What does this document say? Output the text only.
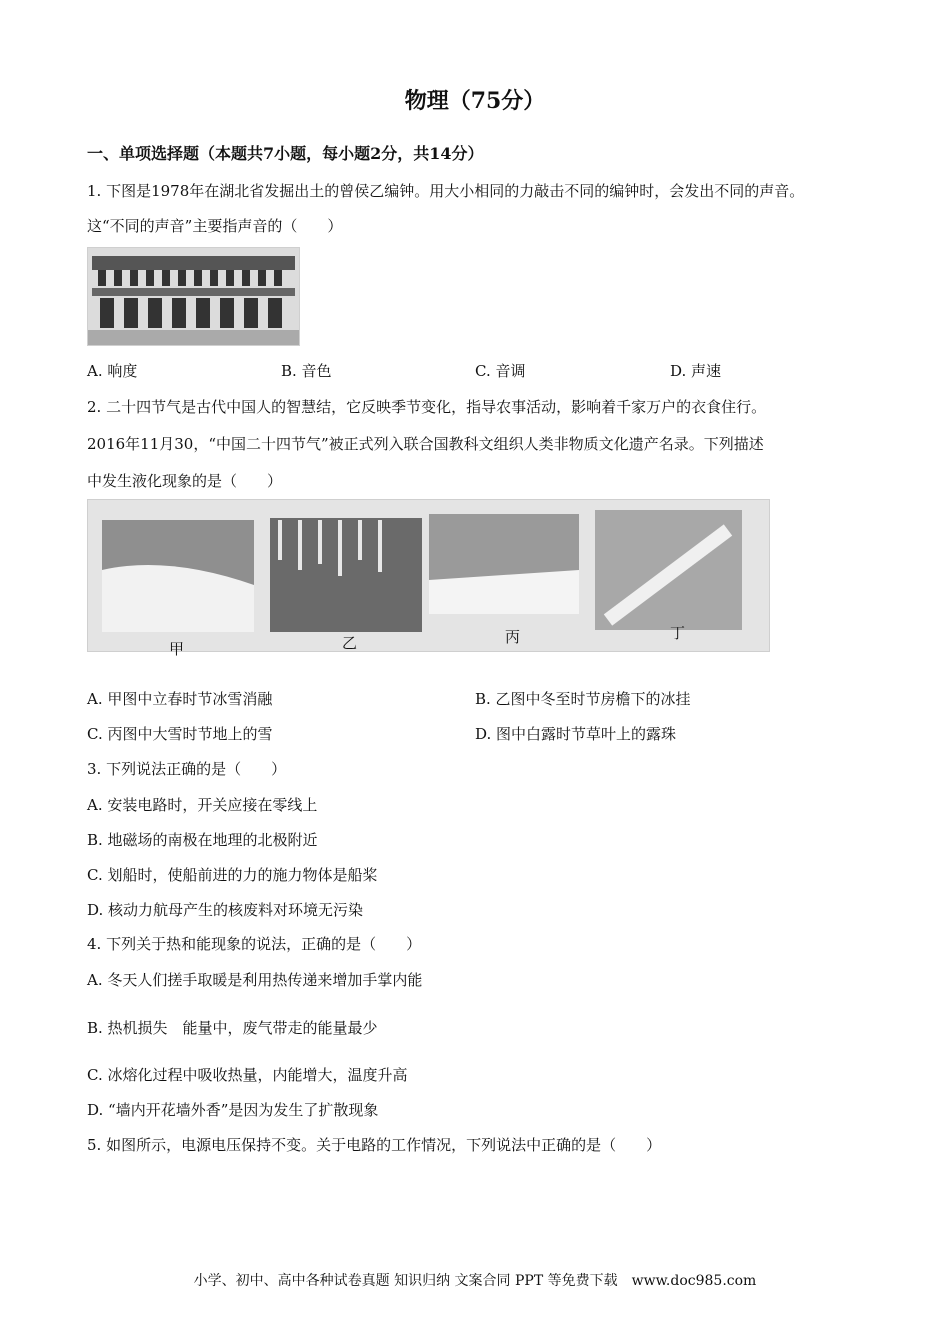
物理（75分）
一、单项选择题（本题共7小题，每小题2分，共14分）
1. 下图是1978年在湖北省发掘出土的曾侯乙编钟。用大小相同的力敲击不同的编钟时，会发出不同的声音。
这“不同的声音”主要指声音的（　　）
A. 响度	B. 音色	C. 音调	D. 声速
2. 二十四节气是古代中国人的智慧结，它反映季节变化，指导农事活动，影响着千家万户的衣食住行。
2016年11月30，“中国二十四节气”被正式列入联合国教科文组织人类非物质文化遗产名录。下列描述
中发生液化现象的是（　　）
甲	乙	丙	丁
A. 甲图中立春时节冰雪消融	B. 乙图中冬至时节房檐下的冰挂
C. 丙图中大雪时节地上的雪	D. 图中白露时节草叶上的露珠
3. 下列说法正确的是（　　）
A. 安装电路时，开关应接在零线上
B. 地磁场的南极在地理的北极附近
C. 划船时，使船前进的力的施力物体是船桨
D. 核动力航母产生的核废料对环境无污染
4. 下列关于热和能现象的说法，正确的是（　　）
A. 冬天人们搓手取暖是利用热传递来增加手掌内能
B. 热机损失　能量中，废气带走的能量最少
C. 冰熔化过程中吸收热量，内能增大，温度升高
D. “墙内开花墙外香”是因为发生了扩散现象
5. 如图所示，电源电压保持不变。关于电路的工作情况，下列说法中正确的是（　　）
小学、初中、高中各种试卷真题 知识归纳 文案合同 PPT 等免费下载　www.doc985.com
